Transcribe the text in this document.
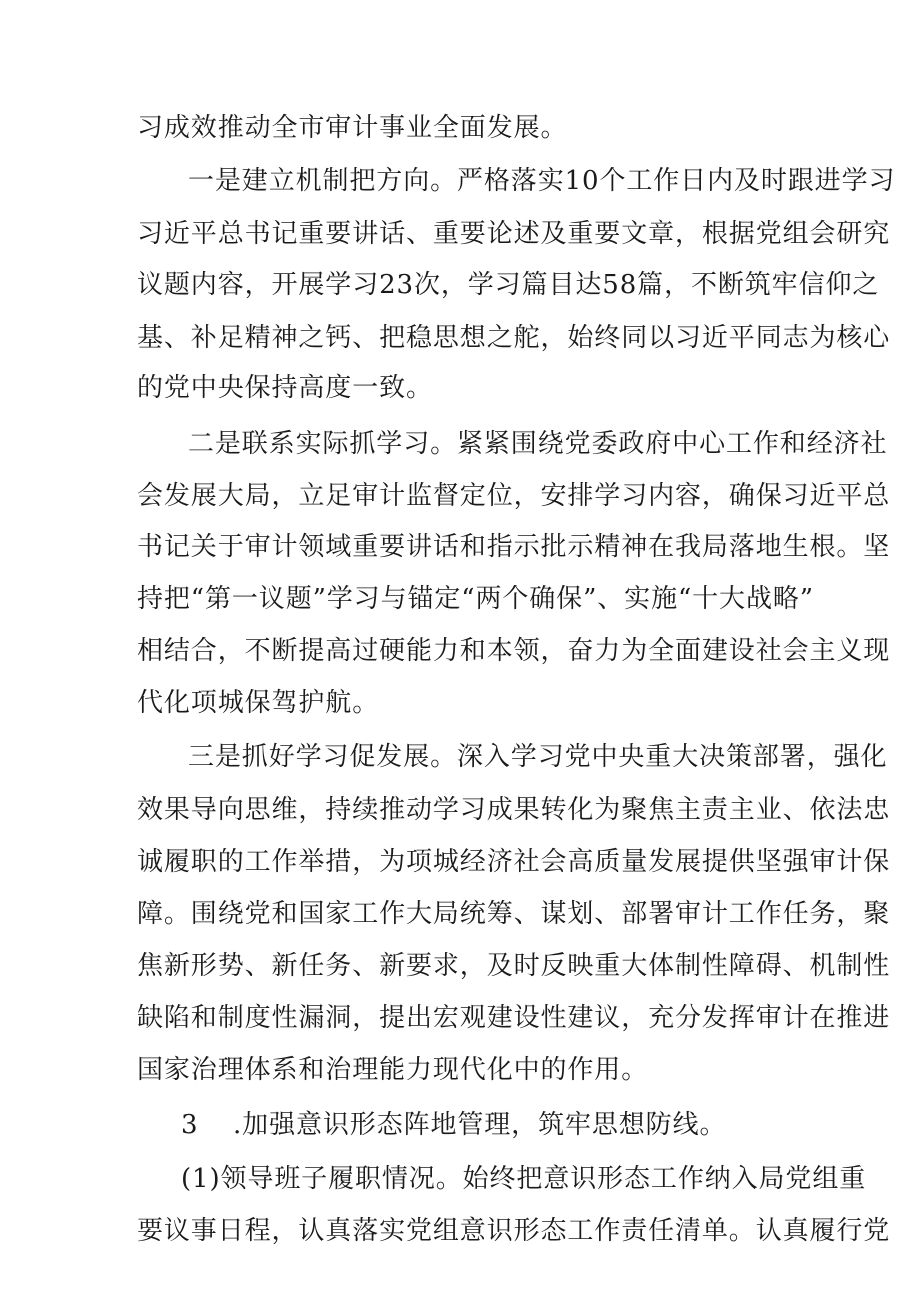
习成效推动全市审计事业全面发展。

一是建立机制把方向。严格落实10个工作日内及时跟进学习

习近平总书记重要讲话、重要论述及重要文章，根据党组会研究

议题内容，开展学习23次，学习篇目达58篇，不断筑牢信仰之

基、补足精神之钙、把稳思想之舵，始终同以习近平同志为核心

的党中央保持高度一致。

二是联系实际抓学习。紧紧围绕党委政府中心工作和经济社

会发展大局，立足审计监督定位，安排学习内容，确保习近平总

书记关于审计领域重要讲话和指示批示精神在我局落地生根。坚

持把“第一议题”学习与锚定“两个确保”、实施“十大战略”

相结合，不断提高过硬能力和本领，奋力为全面建设社会主义现

代化项城保驾护航。

三是抓好学习促发展。深入学习党中央重大决策部署，强化

效果导向思维，持续推动学习成果转化为聚焦主责主业、依法忠

诚履职的工作举措，为项城经济社会高质量发展提供坚强审计保

障。围绕党和国家工作大局统筹、谋划、部署审计工作任务，聚

焦新形势、新任务、新要求，及时反映重大体制性障碍、机制性

缺陷和制度性漏洞，提出宏观建设性建议，充分发挥审计在推进

国家治理体系和治理能力现代化中的作用。

3 .加强意识形态阵地管理，筑牢思想防线。

(1)领导班子履职情况。始终把意识形态工作纳入局党组重

要议事日程，认真落实党组意识形态工作责任清单。认真履行党
